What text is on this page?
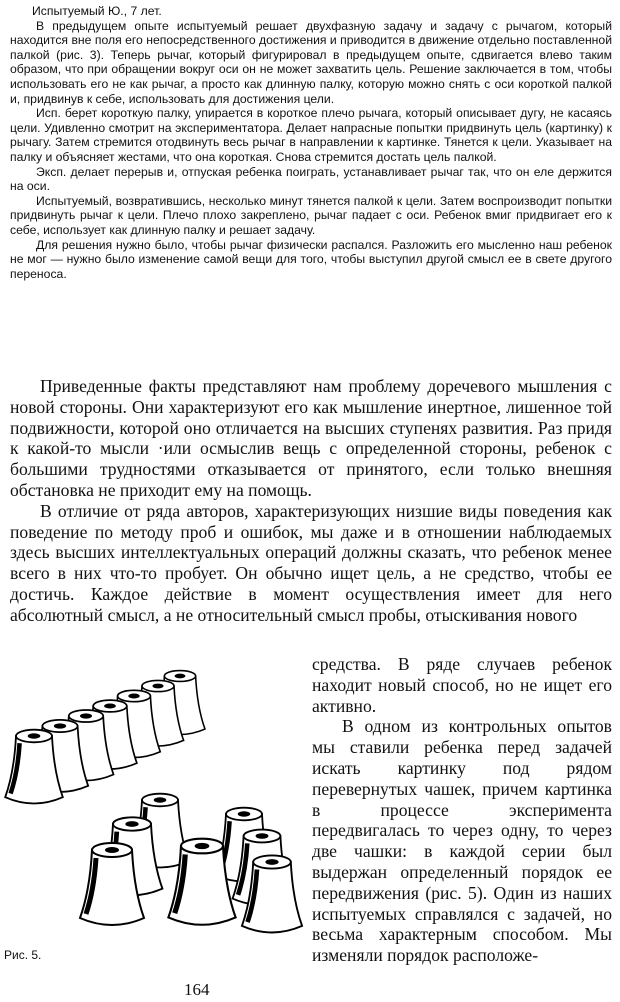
Испытуемый Ю., 7 лет.

В предыдущем опыте испытуемый решает двухфазную задачу и задачу с рычагом, который находится вне поля его непосредственного достижения и приводится в движение отдельно поставленной палкой (рис. 3). Теперь рычаг, который фигурировал в предыдущем опыте, сдвигается влево таким образом, что при обращении вокруг оси он не может захватить цель. Решение заключается в том, чтобы использовать его не как рычаг, а просто как длинную палку, которую можно снять с оси короткой палкой и, придвинув к себе, использовать для достижения цели.

Исп. берет короткую палку, упирается в короткое плечо рычага, который описывает дугу, не касаясь цели. Удивленно смотрит на экспериментатора. Делает напрасные попытки придвинуть цель (картинку) к рычагу. Затем стремится отодвинуть весь рычаг в направлении к картинке. Тянется к цели. Указывает на палку и объясняет жестами, что она короткая. Снова стремится достать цель палкой.

Эксп. делает перерыв и, отпуская ребенка поиграть, устанавливает рычаг так, что он еле держится на оси.

Испытуемый, возвратившись, несколько минут тянется палкой к цели. Затем воспроизводит попытки придвинуть рычаг к цели. Плечо плохо закреплено, рычаг падает с оси. Ребенок вмиг придвигает его к себе, использует как длинную палку и решает задачу.

Для решения нужно было, чтобы рычаг физически распался. Разложить его мысленно наш ребенок не мог — нужно было изменение самой вещи для того, чтобы выступил другой смысл ее в свете другого переноса.

Приведенные факты представляют нам проблему доречевого мышления с новой стороны. Они характеризуют его как мышление инертное, лишенное той подвижности, которой оно отличается на высших ступенях развития. Раз придя к какой-то мысли ·или осмыслив вещь с определенной стороны, ребенок с большими трудностями отказывается от принятого, если только внешняя обстановка не приходит ему на помощь.

В отличие от ряда авторов, характеризующих низшие виды поведения как поведение по методу проб и ошибок, мы даже и в отношении наблюдаемых здесь высших интеллектуальных операций должны сказать, что ребенок менее всего в них что-то пробует. Он обычно ищет цель, а не средство, чтобы ее достичь. Каждое действие в момент осуществления имеет для него абсолютный смысл, а не относительный смысл пробы, отыскивания нового

средства. В ряде случаев ребенок находит новый способ, но не ищет его активно.

В одном из контрольных опытов мы ставили ребенка перед задачей искать картинку под рядом перевернутых чашек, причем картинка в процессе эксперимента передвигалась то через одну, то через две чашки: в каждой серии был выдержан определенный порядок ее передвижения (рис. 5). Один из наших испытуемых справлялся с задачей, но весьма характерным способом. Мы изменяли порядок расположе-

Рис. 5.
164
